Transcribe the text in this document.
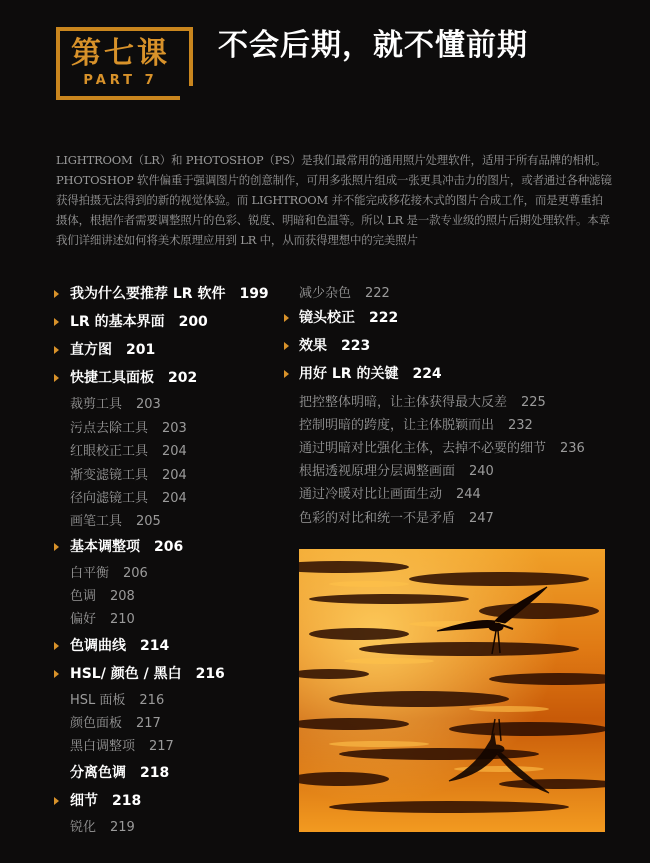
第七课
PART 7
不会后期，就不懂前期
LIGHTROOM（LR）和 PHOTOSHOP（PS）是我们最常用的通用照片处理软件，适用于所有品牌的相机。PHOTOSHOP 软件偏重于强调图片的创意制作，可用多张照片组成一张更具冲击力的图片，或者通过各种滤镜获得拍摄无法得到的新的视觉体验。而 LIGHTROOM 并不能完成移花接木式的图片合成工作，而是更尊重拍摄体，根据作者需要调整照片的色彩、锐度、明暗和色温等。所以 LR 是一款专业级的照片后期处理软件。本章我们详细讲述如何将美术原理应用到 LR 中，从而获得理想中的完美照片
我为什么要推荐 LR 软件 199
LR 的基本界面 200
直方图 201
快捷工具面板 202
裁剪工具 203
污点去除工具 203
红眼校正工具 204
渐变滤镜工具 204
径向滤镜工具 204
画笔工具 205
基本调整项 206
白平衡 206
色调 208
偏好 210
色调曲线 214
HSL/ 颜色 / 黑白 216
HSL 面板 216
颜色面板 217
黑白调整项 217
分离色调 218
细节 218
锐化 219
减少杂色 222
镜头校正 222
效果 223
用好 LR 的关键 224
把控整体明暗，让主体获得最大反差 225
控制明暗的跨度，让主体脱颖而出 232
通过明暗对比强化主体，去掉不必要的细节 236
根据透视原理分层调整画面 240
通过冷暖对比让画面生动 244
色彩的对比和统一不是矛盾 247
